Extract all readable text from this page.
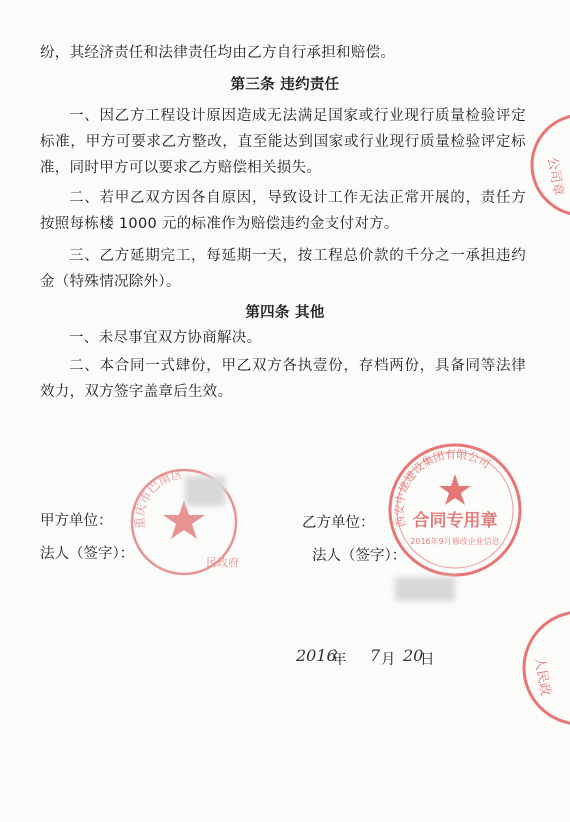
纷，其经济责任和法律责任均由乙方自行承担和赔偿。

第三条 违约责任

一、因乙方工程设计原因造成无法满足国家或行业现行质量检验评定标准，甲方可要求乙方整改，直至能达到国家或行业现行质量检验评定标准，同时甲方可以要求乙方赔偿相关损失。

二、若甲乙双方因各自原因，导致设计工作无法正常开展的，责任方按照每栋楼 1000 元的标准作为赔偿违约金支付对方。

三、乙方延期完工，每延期一天，按工程总价款的千分之一承担违约金（特殊情况除外）。

第四条 其他

一、未尽事宜双方协商解决。

二、本合同一式肆份，甲乙双方各执壹份，存档两份，具备同等法律效力，双方签字盖章后生效。

公司章
重庆市巴南区
民政府
西安中建建设集团有限公司
合同专用章
2016年9月修改企业信息
甲方单位：
法人（签字）：
乙方单位：
法人（签字）：
人民政
2016
年 7 月 20
日
